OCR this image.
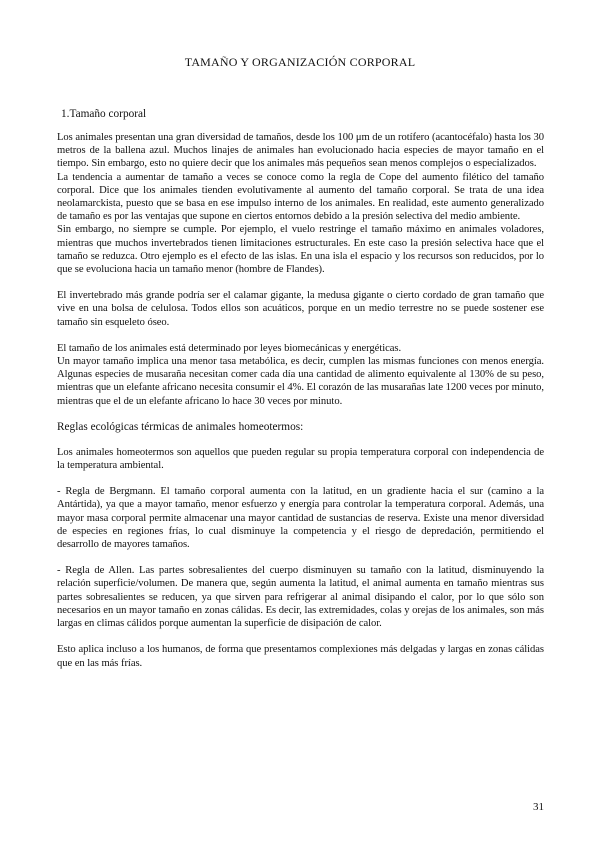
TAMAÑO Y ORGANIZACIÓN CORPORAL
1.Tamaño corporal

Los animales presentan una gran diversidad de tamaños, desde los 100 μm de un rotífero (acantocéfalo) hasta los 30 metros de la ballena azul. Muchos linajes de animales han evolucionado hacia especies de mayor tamaño en el tiempo. Sin embargo, esto no quiere decir que los animales más pequeños sean menos complejos o especializados.

La tendencia a aumentar de tamaño a veces se conoce como la regla de Cope del aumento filético del tamaño corporal. Dice que los animales tienden evolutivamente al aumento del tamaño corporal. Se trata de una idea neolamarckista, puesto que se basa en ese impulso interno de los animales. En realidad, este aumento generalizado de tamaño es por las ventajas que supone en ciertos entornos debido a la presión selectiva del medio ambiente.

Sin embargo, no siempre se cumple. Por ejemplo, el vuelo restringe el tamaño máximo en animales voladores, mientras que muchos invertebrados tienen limitaciones estructurales. En este caso la presión selectiva hace que el tamaño se reduzca. Otro ejemplo es el efecto de las islas. En una isla el espacio y los recursos son reducidos, por lo que se evoluciona hacia un tamaño menor (hombre de Flandes).

El invertebrado más grande podría ser el calamar gigante, la medusa gigante o cierto cordado de gran tamaño que vive en una bolsa de celulosa. Todos ellos son acuáticos, porque en un medio terrestre no se puede sostener ese tamaño sin esqueleto óseo.

El tamaño de los animales está determinado por leyes biomecánicas y energéticas.

Un mayor tamaño implica una menor tasa metabólica, es decir, cumplen las mismas funciones con menos energía. Algunas especies de musaraña necesitan comer cada día una cantidad de alimento equivalente al 130% de su peso, mientras que un elefante africano necesita consumir el 4%. El corazón de las musarañas late 1200 veces por minuto, mientras que el de un elefante africano lo hace 30 veces por minuto.

Reglas ecológicas térmicas de animales homeotermos:

Los animales homeotermos son aquellos que pueden regular su propia temperatura corporal con independencia de la temperatura ambiental.

- Regla de Bergmann. El tamaño corporal aumenta con la latitud, en un gradiente hacia el sur (camino a la Antártida), ya que a mayor tamaño, menor esfuerzo y energía para controlar la temperatura corporal. Además, una mayor masa corporal permite almacenar una mayor cantidad de sustancias de reserva. Existe una menor diversidad de especies en regiones frías, lo cual disminuye la competencia y el riesgo de depredación, permitiendo el desarrollo de mayores tamaños.

- Regla de Allen. Las partes sobresalientes del cuerpo disminuyen su tamaño con la latitud, disminuyendo la relación superficie/volumen. De manera que, según aumenta la latitud, el animal aumenta en tamaño mientras sus partes sobresalientes se reducen, ya que sirven para refrigerar al animal disipando el calor, por lo que sólo son necesarios en un mayor tamaño en zonas cálidas. Es decir, las extremidades, colas y orejas de los animales, son más largas en climas cálidos porque aumentan la superficie de disipación de calor.

Esto aplica incluso a los humanos, de forma que presentamos complexiones más delgadas y largas en zonas cálidas que en las más frías.

31
